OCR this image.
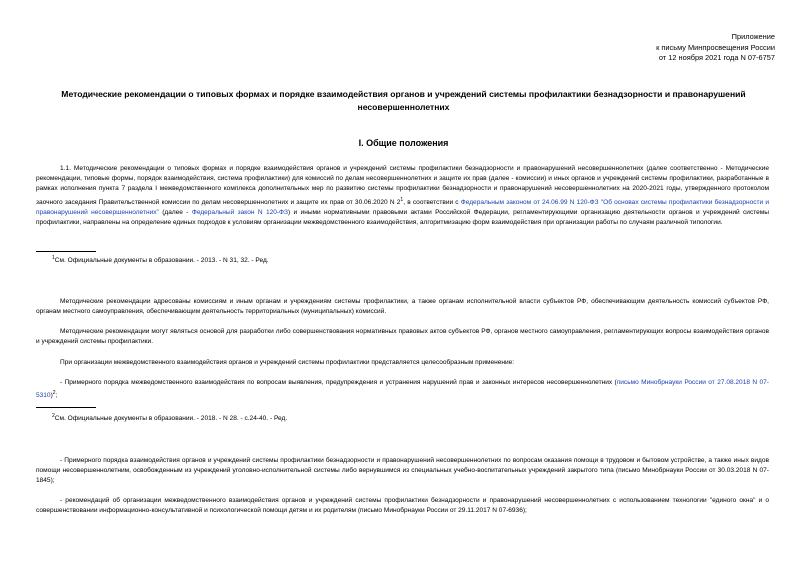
Приложение
к письму Минпросвещения России
от 12 ноября 2021 года N 07-6757
Методические рекомендации о типовых формах и порядке взаимодействия органов и учреждений системы профилактики безнадзорности и правонарушений несовершеннолетних
I. Общие положения
1.1. Методические рекомендации о типовых формах и порядке взаимодействия органов и учреждений системы профилактики безнадзорности и правонарушений несовершеннолетних (далее соответственно - Методические рекомендации, типовые формы, порядок взаимодействия, система профилактики) для комиссий по делам несовершеннолетних и защите их прав (далее - комиссии) и иных органов и учреждений системы профилактики, разработанные в рамках исполнения пункта 7 раздела I межведомственного комплекса дополнительных мер по развитию системы профилактики безнадзорности и правонарушений несовершеннолетних на 2020-2021 годы, утвержденного протоколом заочного заседания Правительственной комиссии по делам несовершеннолетних и защите их прав от 30.06.2020 N $2^1$, в соответствии с Федеральным законом от 24.06.99 N 120-ФЗ "Об основах системы профилактики безнадзорности и правонарушений несовершеннолетних" (далее - Федеральный закон N 120-ФЗ) и иными нормативными правовыми актами Российской Федерации, регламентирующими организацию деятельности органов и учреждений системы профилактики, направлены на определение единых подходов к условиям организации межведомственного взаимодействия, алгоритмизацию форм взаимодействия при организации работы по случаям различной типологии.
$^1$См. Официальные документы в образовании. - 2013. - N 31, 32. - Ред.
Методические рекомендации адресованы комиссиям и иным органам и учреждениям системы профилактики, а также органам исполнительной власти субъектов РФ, обеспечивающим деятельность комиссий субъектов РФ, органам местного самоуправления, обеспечивающим деятельность территориальных (муниципальных) комиссий.
Методические рекомендации могут являться основой для разработки либо совершенствования нормативных правовых актов субъектов РФ, органов местного самоуправления, регламентирующих вопросы взаимодействия органов и учреждений системы профилактики.
При организации межведомственного взаимодействия органов и учреждений системы профилактики представляется целесообразным применение:
- Примерного порядка межведомственного взаимодействия по вопросам выявления, предупреждения и устранения нарушений прав и законных интересов несовершеннолетних (письмо Минобрнауки России от 27.08.2018 N 07-5310)$^2$;
$^2$См. Официальные документы в образовании. - 2018. - N 28. - с.24-40. - Ред.
- Примерного порядка взаимодействия органов и учреждений системы профилактики безнадзорности и правонарушений несовершеннолетних по вопросам оказания помощи в трудовом и бытовом устройстве, а также иных видов помощи несовершеннолетним, освобожденным из учреждений уголовно-исполнительной системы либо вернувшимся из специальных учебно-воспитательных учреждений закрытого типа (письмо Минобрнауки России от 30.03.2018 N 07-1845);
- рекомендаций об организации межведомственного взаимодействия органов и учреждений системы профилактики безнадзорности и правонарушений несовершеннолетних с использованием технологии "единого окна" и о совершенствовании информационно-консультативной и психологической помощи детям и их родителям (письмо Минобрнауки России от 29.11.2017 N 07-6936);
